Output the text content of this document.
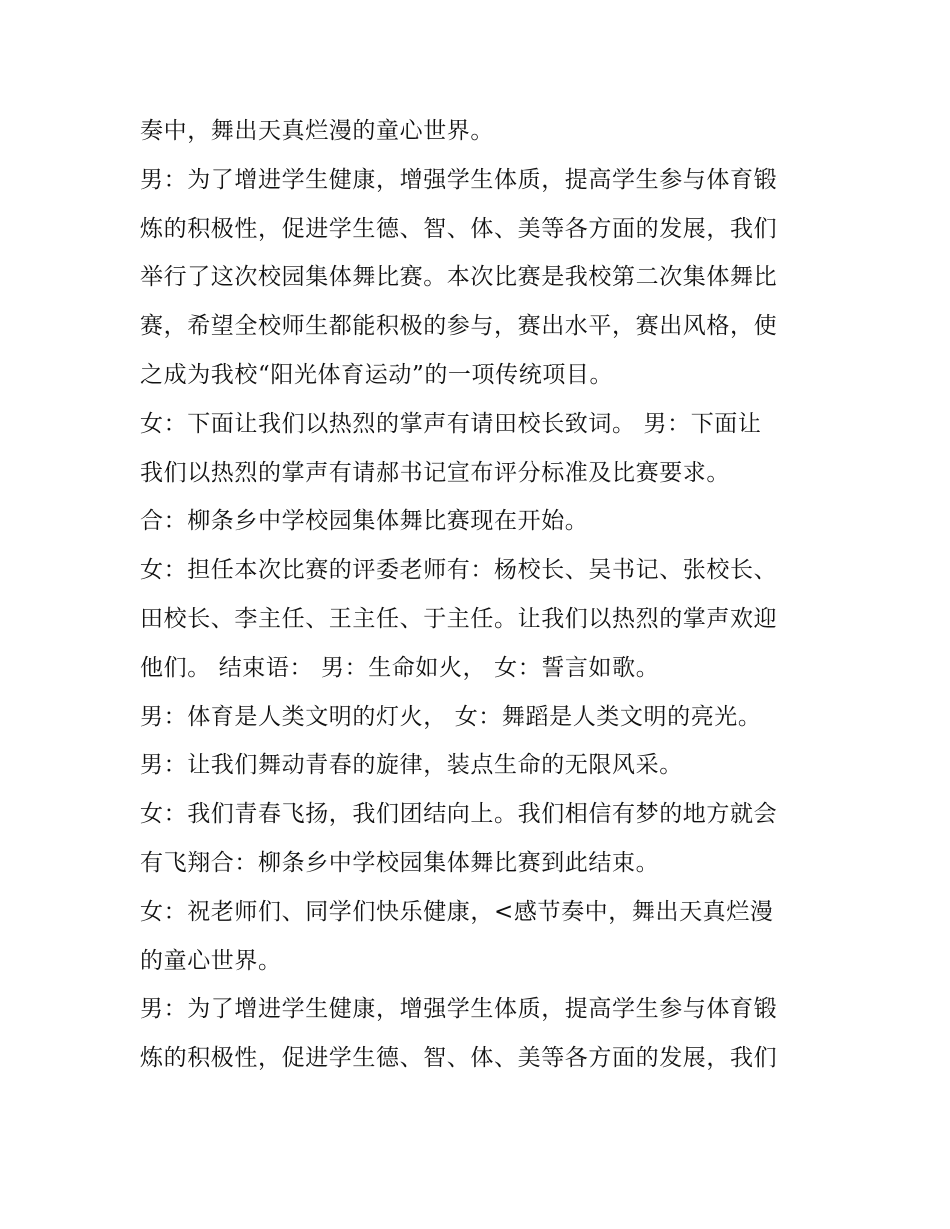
奏中，舞出天真烂漫的童心世界。
男：为了增进学生健康，增强学生体质，提高学生参与体育锻
炼的积极性，促进学生德、智、体、美等各方面的发展，我们
举行了这次校园集体舞比赛。本次比赛是我校第二次集体舞比
赛，希望全校师生都能积极的参与，赛出水平，赛出风格，使
之成为我校“阳光体育运动”的一项传统项目。
女：下面让我们以热烈的掌声有请田校长致词。 男：下面让
我们以热烈的掌声有请郝书记宣布评分标准及比赛要求。
合：柳条乡中学校园集体舞比赛现在开始。
女：担任本次比赛的评委老师有：杨校长、吴书记、张校长、
田校长、李主任、王主任、于主任。让我们以热烈的掌声欢迎
他们。 结束语： 男：生命如火， 女：誓言如歌。
男：体育是人类文明的灯火， 女：舞蹈是人类文明的亮光。
男：让我们舞动青春的旋律，装点生命的无限风采。
女：我们青春飞扬，我们团结向上。我们相信有梦的地方就会
有飞翔合：柳条乡中学校园集体舞比赛到此结束。
女：祝老师们、同学们快乐健康，<感节奏中，舞出天真烂漫
的童心世界。
男：为了增进学生健康，增强学生体质，提高学生参与体育锻
炼的积极性，促进学生德、智、体、美等各方面的发展，我们
